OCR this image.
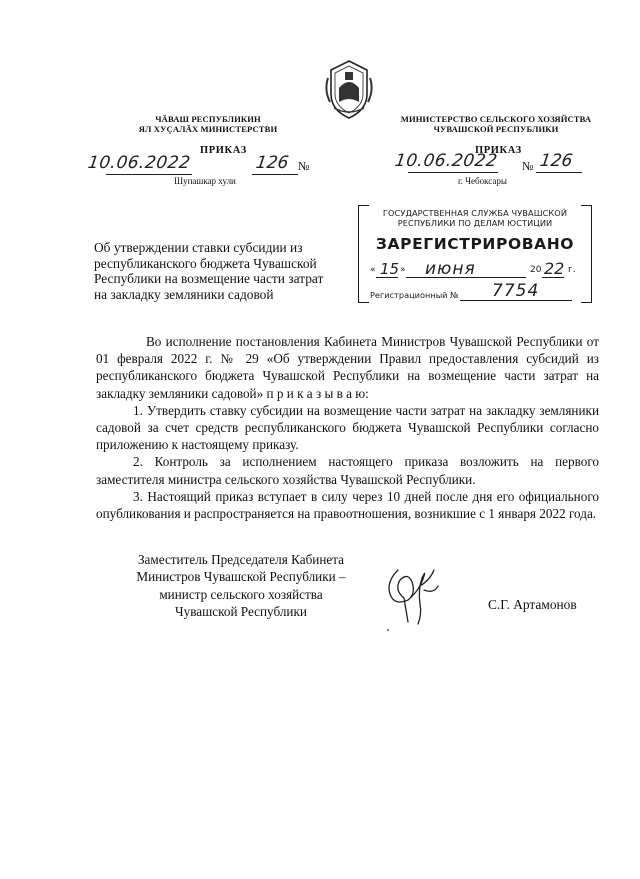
ЧĂВАШ РЕСПУБЛИКИН
ЯЛ ХУÇАЛĂХ МИНИСТЕРСТВИ
ПРИКАЗ
10.06.2022	126 №
Шупашкар хули
МИНИСТЕРСТВО СЕЛЬСКОГО ХОЗЯЙСТВА
ЧУВАШСКОЙ РЕСПУБЛИКИ
ПРИКАЗ
10.06.2022 № 126
г. Чебоксары
ГОСУДАРСТВЕННАЯ СЛУЖБА ЧУВАШСКОЙ
РЕСПУБЛИКИ ПО ДЕЛАМ ЮСТИЦИИ
ЗАРЕГИСТРИРОВАНО
« 15 » июня	20 22 г.
Регистрационный № 7754
Об утверждении ставки субсидии из республиканского бюджета Чувашской Республики на возмещение части затрат на закладку земляники садовой

Во исполнение постановления Кабинета Министров Чувашской Республики от 01 февраля 2022 г. № 29 «Об утверждении Правил предоставления субсидий из республиканского бюджета Чувашской Республики на возмещение части затрат на закладку земляники садовой» п р и к а з ы в а ю:

1. Утвердить ставку субсидии на возмещение части затрат на закладку земляники садовой за счет средств республиканского бюджета Чувашской Республики согласно приложению к настоящему приказу.

2. Контроль за исполнением настоящего приказа возложить на первого заместителя министра сельского хозяйства Чувашской Республики.

3. Настоящий приказ вступает в силу через 10 дней после дня его официального опубликования и распространяется на правоотношения, возникшие с 1 января 2022 года.

Заместитель Председателя Кабинета
Министров Чувашской Республики –
министр сельского хозяйства
Чувашской Республики	С.Г. Артамонов
